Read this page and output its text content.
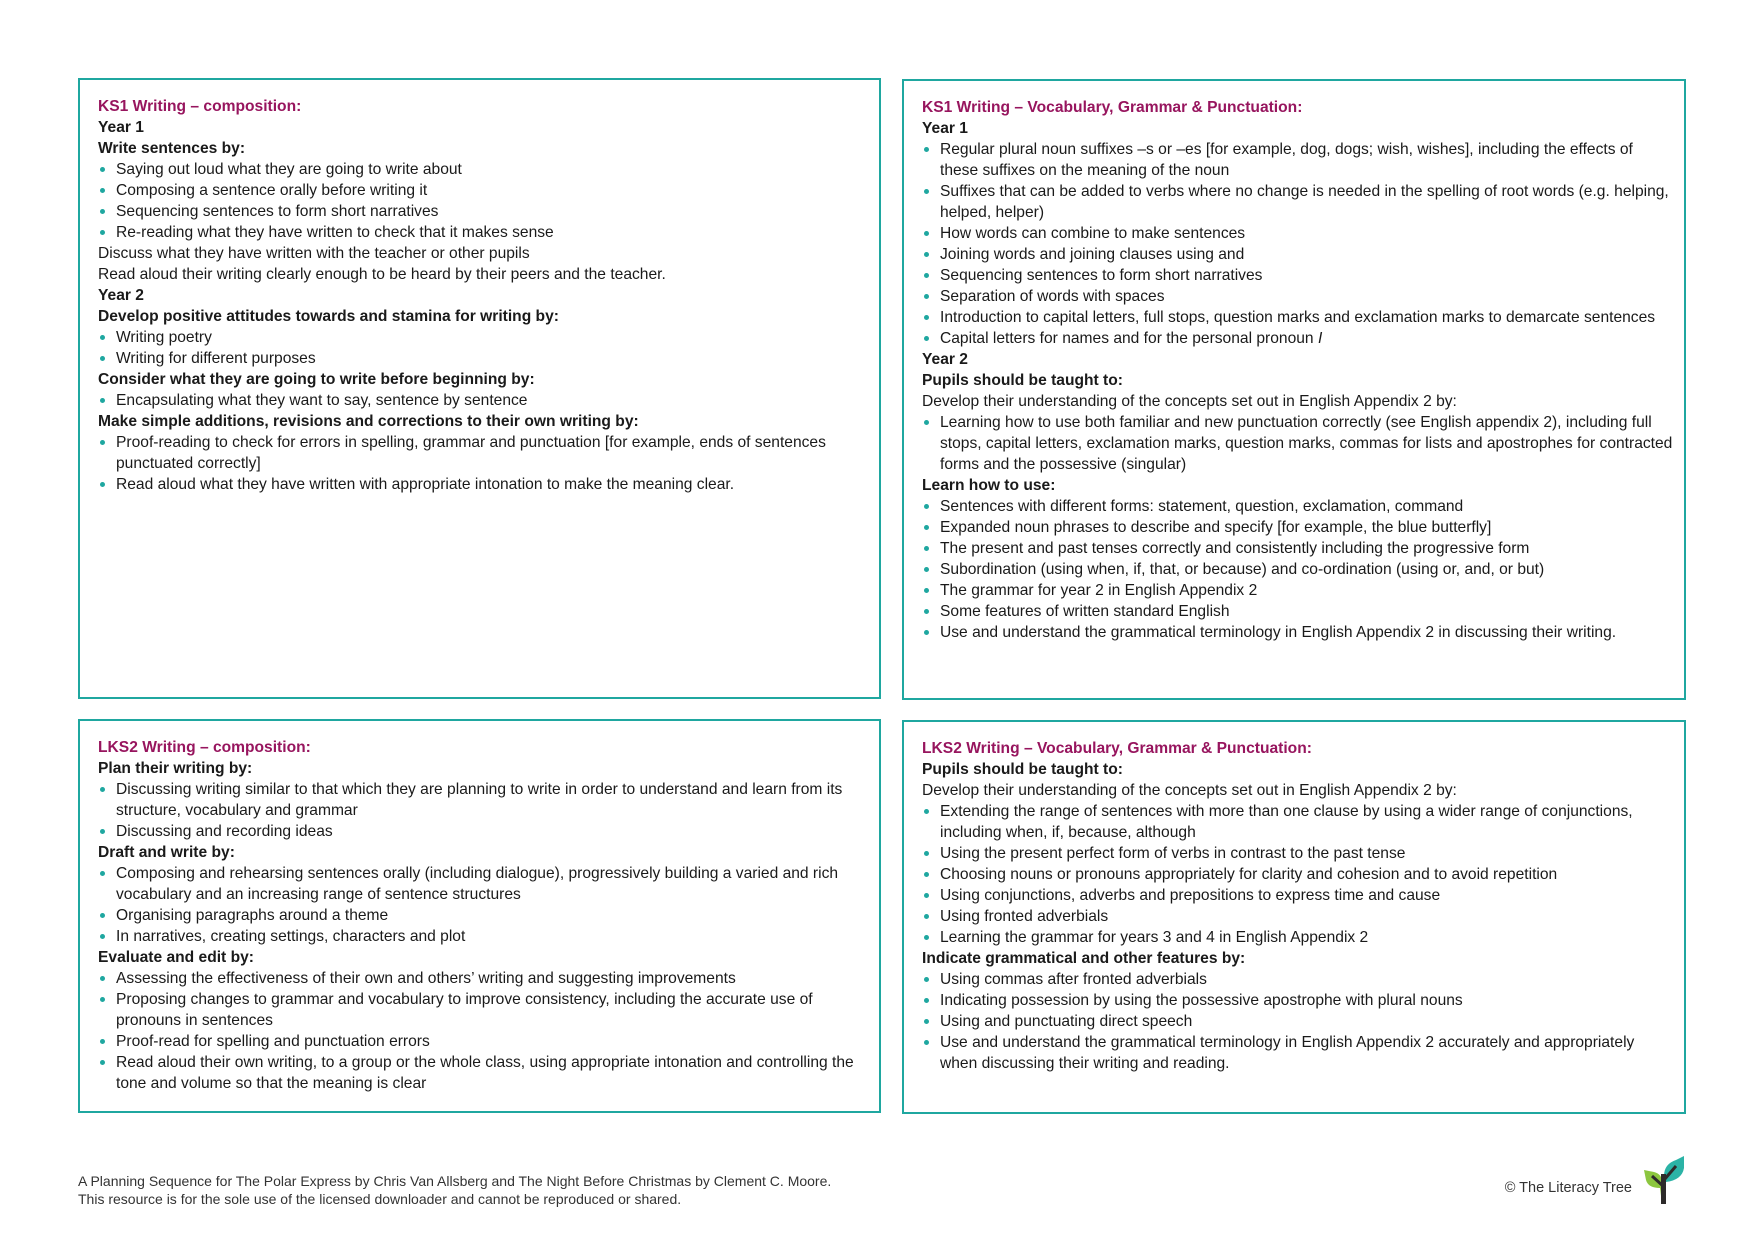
KS1 Writing – composition:

Year 1

Write sentences by:

Saying out loud what they are going to write about
Composing a sentence orally before writing it
Sequencing sentences to form short narratives
Re-reading what they have written to check that it makes sense

Discuss what they have written with the teacher or other pupils

Read aloud their writing clearly enough to be heard by their peers and the teacher.

Year 2

Develop positive attitudes towards and stamina for writing by:

Writing poetry
Writing for different purposes

Consider what they are going to write before beginning by:

Encapsulating what they want to say, sentence by sentence

Make simple additions, revisions and corrections to their own writing by:

Proof-reading to check for errors in spelling, grammar and punctuation [for example, ends of sentences punctuated correctly]
Read aloud what they have written with appropriate intonation to make the meaning clear.

KS1 Writing – Vocabulary, Grammar & Punctuation:

Year 1

Regular plural noun suffixes –s or –es [for example, dog, dogs; wish, wishes], including the effects of these suffixes on the meaning of the noun
Suffixes that can be added to verbs where no change is needed in the spelling of root words (e.g. helping, helped, helper)
How words can combine to make sentences
Joining words and joining clauses using and
Sequencing sentences to form short narratives
Separation of words with spaces
Introduction to capital letters, full stops, question marks and exclamation marks to demarcate sentences
Capital letters for names and for the personal pronoun I

Year 2

Pupils should be taught to:

Develop their understanding of the concepts set out in English Appendix 2 by:

Learning how to use both familiar and new punctuation correctly (see English appendix 2), including full stops, capital letters, exclamation marks, question marks, commas for lists and apostrophes for contracted forms and the possessive (singular)

Learn how to use:

Sentences with different forms: statement, question, exclamation, command
Expanded noun phrases to describe and specify [for example, the blue butterfly]
The present and past tenses correctly and consistently including the progressive form
Subordination (using when, if, that, or because) and co-ordination (using or, and, or but)
The grammar for year 2 in English Appendix 2
Some features of written standard English
Use and understand the grammatical terminology in English Appendix 2 in discussing their writing.

LKS2 Writing – composition:

Plan their writing by:

Discussing writing similar to that which they are planning to write in order to understand and learn from its structure, vocabulary and grammar
Discussing and recording ideas

Draft and write by:

Composing and rehearsing sentences orally (including dialogue), progressively building a varied and rich vocabulary and an increasing range of sentence structures
Organising paragraphs around a theme
In narratives, creating settings, characters and plot

Evaluate and edit by:

Assessing the effectiveness of their own and others’ writing and suggesting improvements
Proposing changes to grammar and vocabulary to improve consistency, including the accurate use of pronouns in sentences
Proof-read for spelling and punctuation errors
Read aloud their own writing, to a group or the whole class, using appropriate intonation and controlling the tone and volume so that the meaning is clear

LKS2 Writing – Vocabulary, Grammar & Punctuation:

Pupils should be taught to:

Develop their understanding of the concepts set out in English Appendix 2 by:

Extending the range of sentences with more than one clause by using a wider range of conjunctions, including when, if, because, although
Using the present perfect form of verbs in contrast to the past tense
Choosing nouns or pronouns appropriately for clarity and cohesion and to avoid repetition
Using conjunctions, adverbs and prepositions to express time and cause
Using fronted adverbials
Learning the grammar for years 3 and 4 in English Appendix 2

Indicate grammatical and other features by:

Using commas after fronted adverbials
Indicating possession by using the possessive apostrophe with plural nouns
Using and punctuating direct speech
Use and understand the grammatical terminology in English Appendix 2 accurately and appropriately when discussing their writing and reading.
A Planning Sequence for The Polar Express by Chris Van Allsberg and The Night Before Christmas by Clement C. Moore.
This resource is for the sole use of the licensed downloader and cannot be reproduced or shared.
© The Literacy Tree
